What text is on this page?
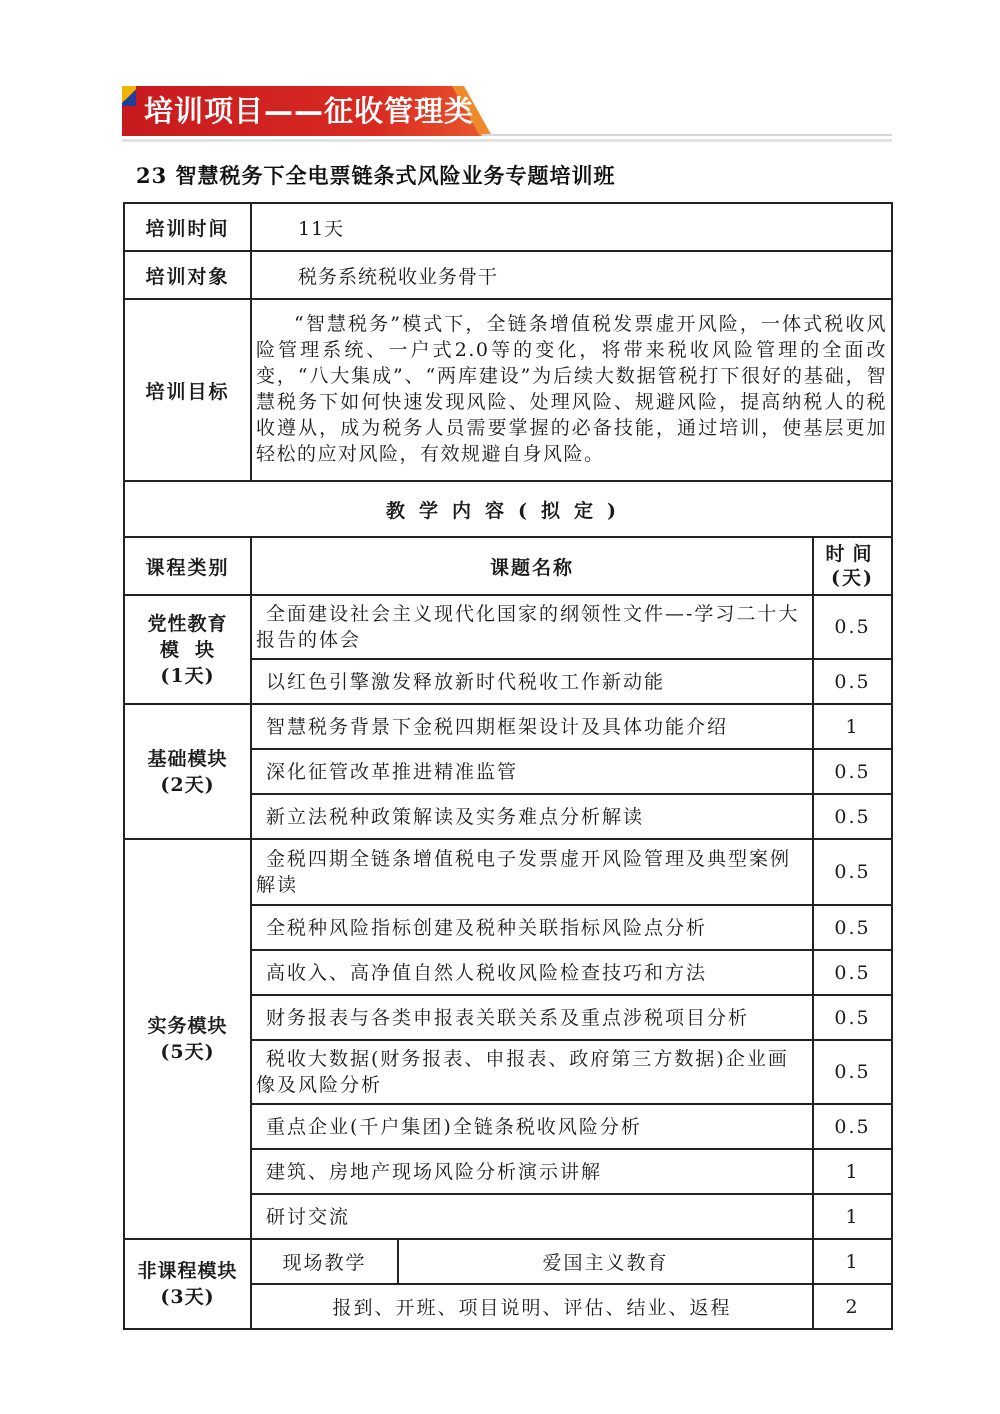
培训项目——征收管理类
23 智慧税务下全电票链条式风险业务专题培训班
培训时间	11天		
培训对象	税务系统税收业务骨干		
培训目标	“智慧税务”模式下，全链条增值税发票虚开风险，一体式税收风险管理系统、一户式2.0等的变化，将带来税收风险管理的全面改变，“八大集成”、“两库建设”为后续大数据管税打下很好的基础，智慧税务下如何快速发现风险、处理风险、规避风险，提高纳税人的税收遵从，成为税务人员需要掌握的必备技能，通过培训，使基层更加轻松的应对风险，有效规避自身风险。		
教学内容(拟定)			
课程类别	课题名称		时间
(天)

党性教育
模  块
(1天)	全面建设社会主义现代化国家的纲领性文件—-学习二十大报告的体会		0.5
	以红色引擎激发释放新时代税收工作新动能		0.5

基础模块
(2天)	智慧税务背景下金税四期框架设计及具体功能介绍		1
	深化征管改革推进精准监管		0.5
	新立法税种政策解读及实务难点分析解读		0.5

实务模块
(5天)	金税四期全链条增值税电子发票虚开风险管理及典型案例解读		0.5
	全税种风险指标创建及税种关联指标风险点分析		0.5
	高收入、高净值自然人税收风险检查技巧和方法		0.5
	财务报表与各类申报表关联关系及重点涉税项目分析		0.5
	税收大数据(财务报表、申报表、政府第三方数据)企业画像及风险分析		0.5
	重点企业(千户集团)全链条税收风险分析		0.5
	建筑、房地产现场风险分析演示讲解		1
	研讨交流		1

非课程模块
(3天)	现场教学	爱国主义教育	1
	报到、开班、项目说明、评估、结业、返程		2
